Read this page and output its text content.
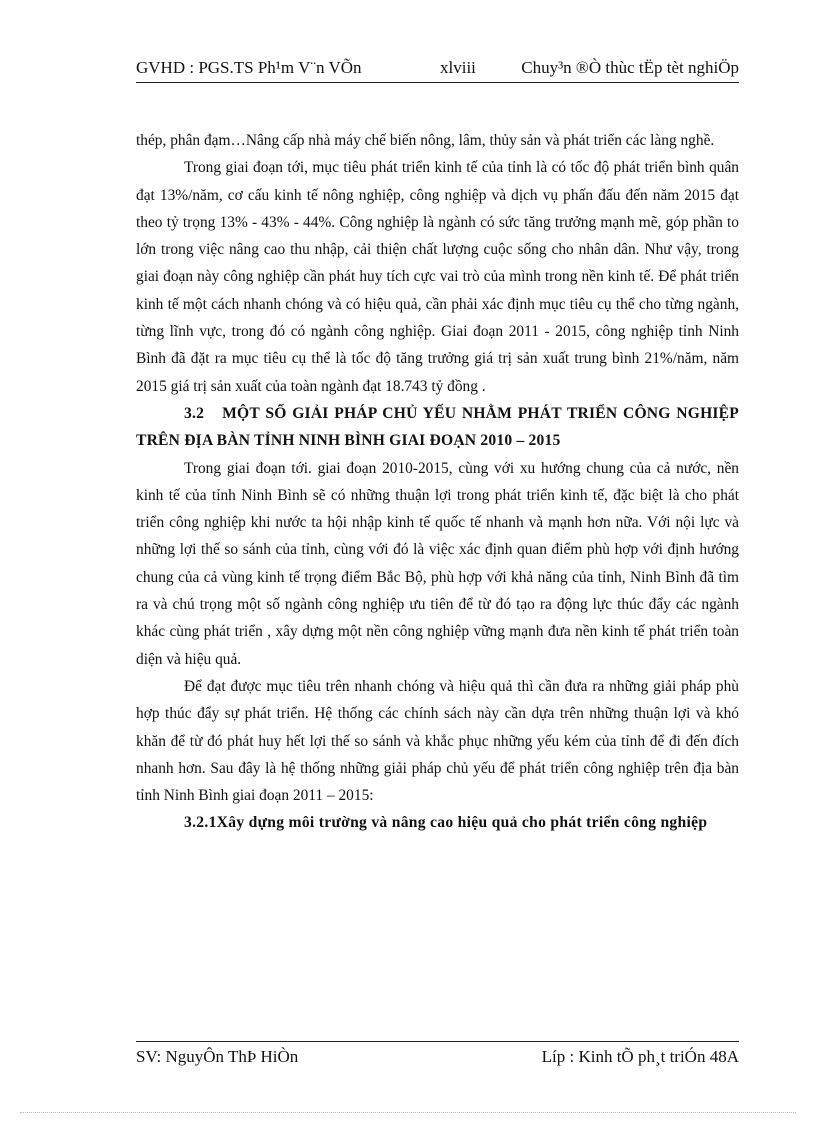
GVHD : PGS.TS Ph¹m V¨n VÕn	xlviii	Chuy³n ®Ò thùc tËp tèt nghiÖp

thép, phân đạm…Nâng cấp nhà máy chế biến nông, lâm, thủy sản và phát triển các làng nghề.

Trong giai đoạn tới, mục tiêu phát triển kinh tế của tỉnh là có tốc độ phát triển bình quân đạt 13%/năm, cơ cấu kinh tế nông nghiệp, công nghiệp và dịch vụ phấn đấu đến năm 2015 đạt theo tỷ trọng 13% - 43% - 44%. Công nghiệp là ngành có sức tăng trưởng mạnh mẽ, góp phần to lớn trong việc nâng cao thu nhập, cải thiện chất lượng cuộc sống cho nhân dân. Như vậy, trong giai đoạn này công nghiệp cần phát huy tích cực vai trò của mình trong nền kinh tế. Để phát triển kinh tế một cách nhanh chóng và có hiệu quả, cần phải xác định mục tiêu cụ thể cho từng ngành, từng lĩnh vực, trong đó có ngành công nghiệp. Giai đoạn 2011 - 2015, công nghiệp tỉnh Ninh Bình đã đặt ra mục tiêu cụ thể là tốc độ tăng trưởng giá trị sản xuất trung bình 21%/năm, năm 2015 giá trị sản xuất của toàn ngành đạt 18.743 tỷ đồng .

3.2 MỘT SỐ GIẢI PHÁP CHỦ YẾU NHẰM PHÁT TRIỂN CÔNG NGHIỆP TRÊN ĐỊA BÀN TỈNH NINH BÌNH GIAI ĐOẠN 2010 – 2015

Trong giai đoạn tới. giai đoạn 2010-2015, cùng với xu hướng chung của cả nước, nền kinh tế của tỉnh Ninh Bình sẽ có những thuận lợi trong phát triển kinh tế, đặc biệt là cho phát triển công nghiệp khi nước ta hội nhập kinh tế quốc tế nhanh và mạnh hơn nữa. Với nội lực và những lợi thế so sánh của tỉnh, cùng với đó là việc xác định quan điểm phù hợp với định hướng chung của cả vùng kinh tế trọng điểm Bắc Bộ, phù hợp với khả năng của tỉnh, Ninh Bình đã tìm ra và chú trọng một số ngành công nghiệp ưu tiên để từ đó tạo ra động lực thúc đẩy các ngành khác cùng phát triển , xây dựng một nền công nghiệp vững mạnh đưa nền kinh tế phát triển toàn diện và hiệu quả.

Để đạt được mục tiêu trên nhanh chóng và hiệu quả thì cần đưa ra những giải pháp phù hợp thúc đẩy sự phát triển. Hệ thống các chính sách này cần dựa trên những thuận lợi và khó khăn để từ đó phát huy hết lợi thế so sánh và khắc phục những yếu kém của tỉnh để đi đến đích nhanh hơn. Sau đây là hệ thống những giải pháp chủ yếu để phát triển công nghiệp trên địa bàn tỉnh Ninh Bình giai đoạn 2011 – 2015:

3.2.1Xây dựng môi trường và nâng cao hiệu quả cho phát triển công nghiệp
SV: NguyÔn ThÞ HiÒn	Líp : Kinh tÕ ph¸t triÓn 48A
